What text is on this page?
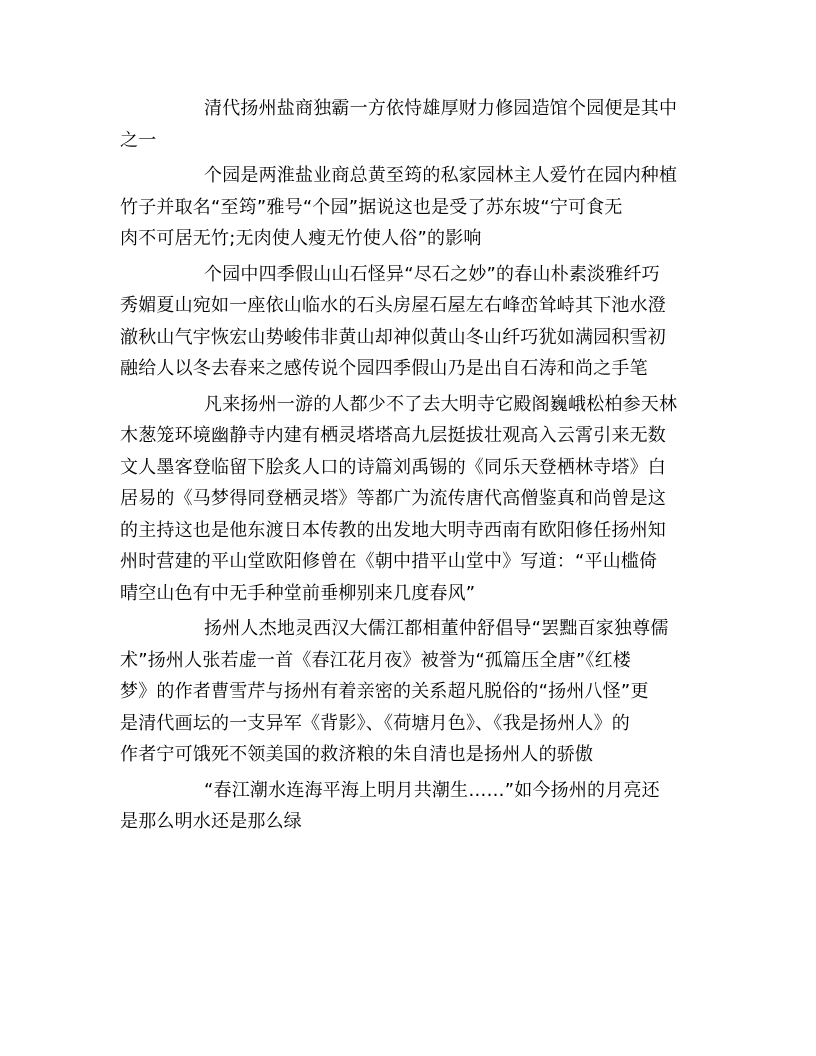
清代扬州盐商独霸一方依恃雄厚财力修园造馆个园便是其中
之一

个园是两淮盐业商总黄至筠的私家园林主人爱竹在园内种植
竹子并取名“至筠”雅号“个园”据说这也是受了苏东坡“宁可食无
肉不可居无竹;无肉使人瘦无竹使人俗”的影响

个园中四季假山山石怪异“尽石之妙”的春山朴素淡雅纤巧
秀媚夏山宛如一座依山临水的石头房屋石屋左右峰峦耸峙其下池水澄
澈秋山气宇恢宏山势峻伟非黄山却神似黄山冬山纤巧犹如满园积雪初
融给人以冬去春来之感传说个园四季假山乃是出自石涛和尚之手笔

凡来扬州一游的人都少不了去大明寺它殿阁巍峨松柏参天林
木葱笼环境幽静寺内建有栖灵塔塔高九层挺拔壮观高入云霄引来无数
文人墨客登临留下脍炙人口的诗篇刘禹锡的《同乐天登栖林寺塔》白
居易的《马梦得同登栖灵塔》等都广为流传唐代高僧鉴真和尚曾是这
的主持这也是他东渡日本传教的出发地大明寺西南有欧阳修任扬州知
州时营建的平山堂欧阳修曾在《朝中措平山堂中》写道：“平山槛倚
晴空山色有中无手种堂前垂柳别来几度春风”

扬州人杰地灵西汉大儒江都相董仲舒倡导“罢黜百家独尊儒
术”扬州人张若虚一首《春江花月夜》被誉为“孤篇压全唐”《红楼
梦》的作者曹雪芹与扬州有着亲密的关系超凡脱俗的“扬州八怪”更
是清代画坛的一支异军《背影》、《荷塘月色》、《我是扬州人》的
作者宁可饿死不领美国的救济粮的朱自清也是扬州人的骄傲

“春江潮水连海平海上明月共潮生……”如今扬州的月亮还
是那么明水还是那么绿
